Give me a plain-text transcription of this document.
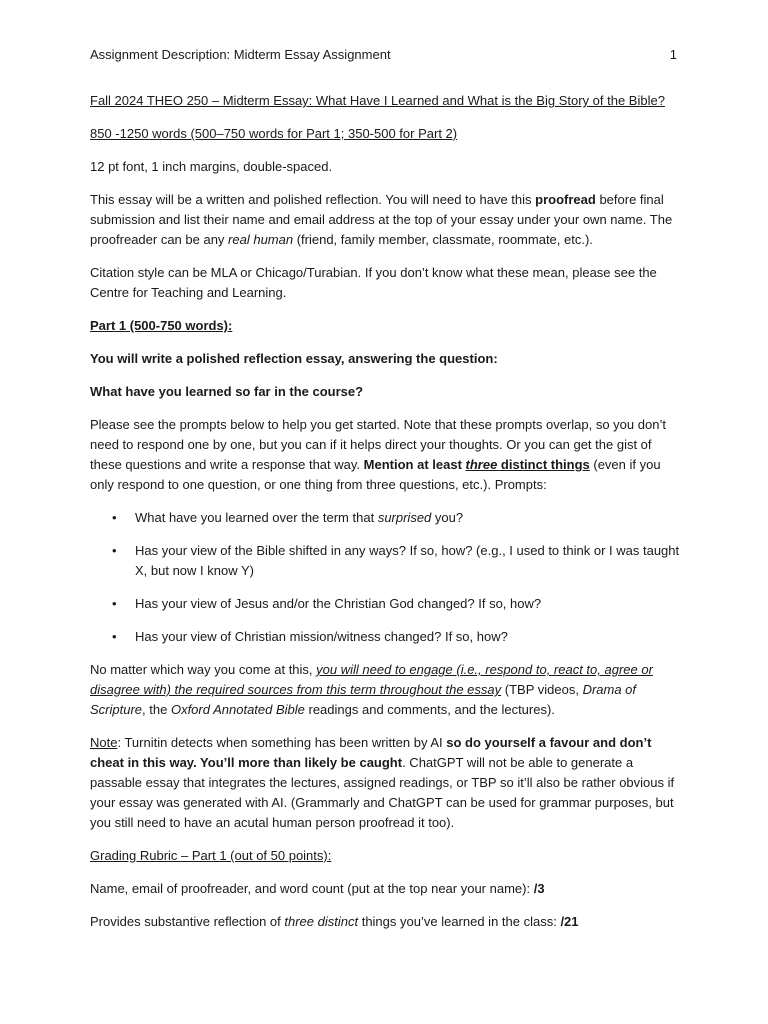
Assignment Description: Midterm Essay Assignment	1

Fall 2024 THEO 250 – Midterm Essay: What Have I Learned and What is the Big Story of the Bible?

850 -1250 words (500–750 words for Part 1; 350-500 for Part 2)

12 pt font, 1 inch margins, double-spaced.

This essay will be a written and polished reflection. You will need to have this proofread before final submission and list their name and email address at the top of your essay under your own name. The proofreader can be any real human (friend, family member, classmate, roommate, etc.).

Citation style can be MLA or Chicago/Turabian. If you don’t know what these mean, please see the Centre for Teaching and Learning.

Part 1 (500-750 words):

You will write a polished reflection essay, answering the question:

What have you learned so far in the course?

Please see the prompts below to help you get started. Note that these prompts overlap, so you don’t need to respond one by one, but you can if it helps direct your thoughts. Or you can get the gist of these questions and write a response that way. Mention at least three distinct things (even if you only respond to one question, or one thing from three questions, etc.). Prompts:

• What have you learned over the term that surprised you?
• Has your view of the Bible shifted in any ways? If so, how? (e.g., I used to think or I was taught X, but now I know Y)
• Has your view of Jesus and/or the Christian God changed? If so, how?
• Has your view of Christian mission/witness changed? If so, how?

No matter which way you come at this, you will need to engage (i.e., respond to, react to, agree or disagree with) the required sources from this term throughout the essay (TBP videos, Drama of Scripture, the Oxford Annotated Bible readings and comments, and the lectures).

Note: Turnitin detects when something has been written by AI so do yourself a favour and don’t cheat in this way. You’ll more than likely be caught. ChatGPT will not be able to generate a passable essay that integrates the lectures, assigned readings, or TBP so it’ll also be rather obvious if your essay was generated with AI. (Grammarly and ChatGPT can be used for grammar purposes, but you still need to have an acutal human person proofread it too).

Grading Rubric – Part 1 (out of 50 points):

Name, email of proofreader, and word count (put at the top near your name): /3

Provides substantive reflection of three distinct things you’ve learned in the class: /21
